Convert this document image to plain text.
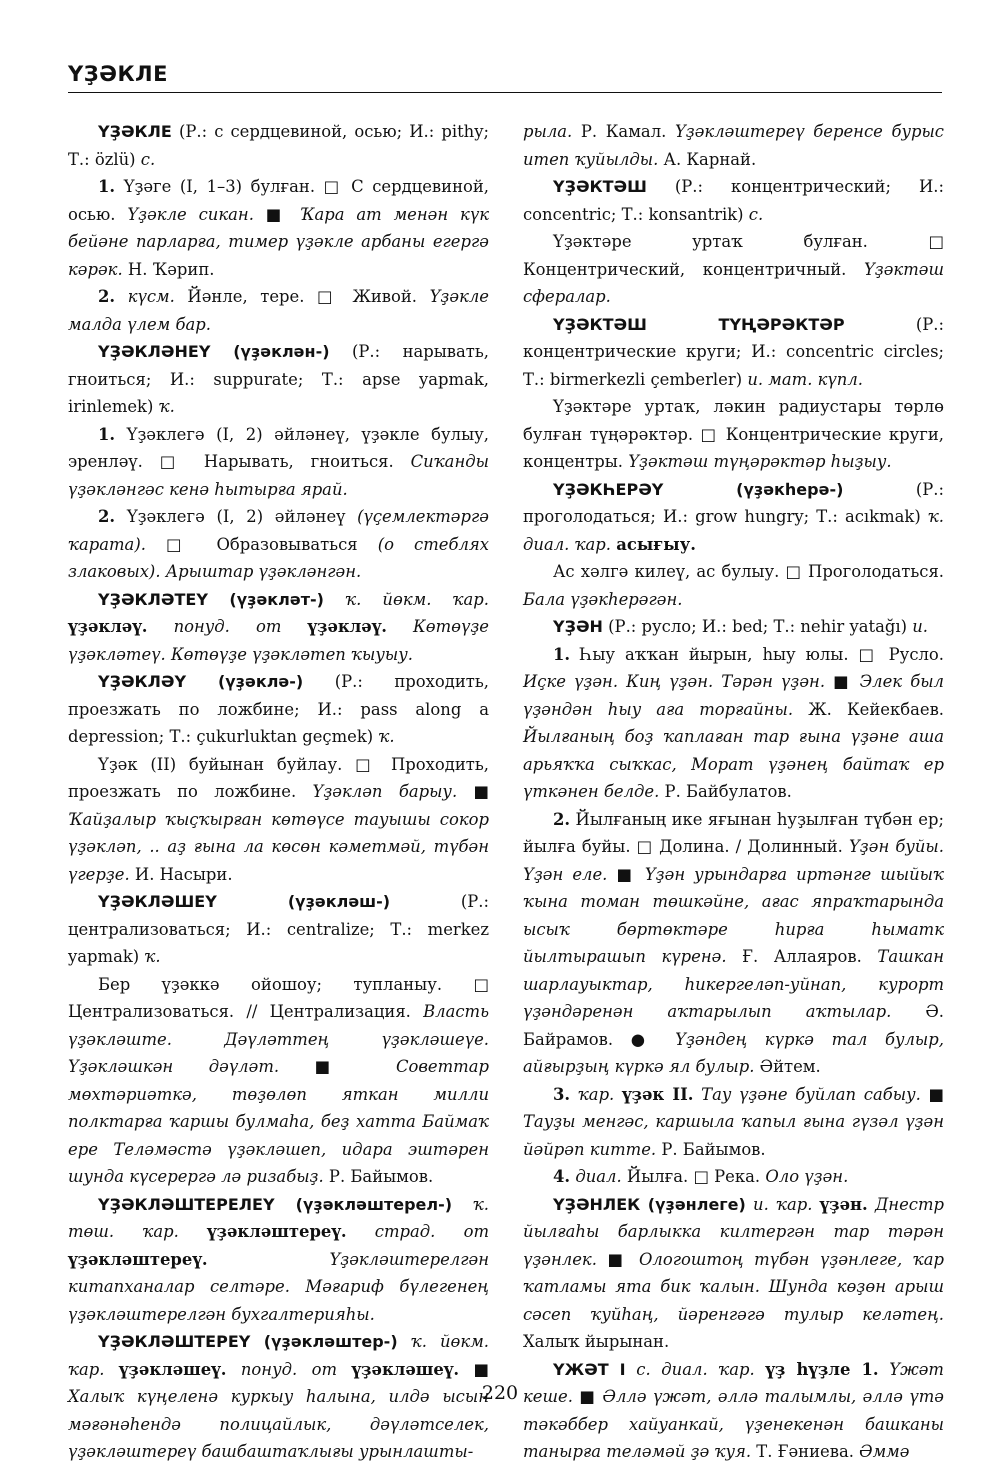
ҮҘӘКЛЕ

ҮҘӘКЛЕ (Р.: с сердцевиной, осью; И.: pithy; Т.: özlü) с.

1. Үҙәге (I, 1–3) булған. □ С сердцевиной, осью. Үҙәкле сикан. ■ Ҡара ат менән күк бейәне парларға, тимер үҙәкле арбаны егергә кәрәк. Н. Ҡәрип.

2. күсм. Йәнле, тере. □ Живой. Үҙәкле малда үлем бар.

ҮҘӘКЛӘНЕҮ (үҙәклән-) (Р.: нарывать, гноиться; И.: suppurate; Т.: apse yapmak, irinlemek) ҡ.

1. Үҙәклегә (I, 2) әйләнеү, үҙәкле булыу, эренләү. □ Нарывать, гноиться. Сиҡанды үҙәкләнгәс кенә һытырға ярай.

2. Үҙәклегә (I, 2) әйләнеү (үҫемлектәргә ҡарата). □ Образовываться (о стеблях злаковых). Арыштар үҙәкләнгән.

ҮҘӘКЛӘТЕҮ (үҙәклəт-) ҡ. йөкм. ҡар. үҙәкләү. понуд. от үҙәкләү. Көтөүҙе үҙәкләтеү. Көтөүҙе үҙәкләтеп ҡыуыу.

ҮҘӘКЛӘҮ (үҙәклә-) (Р.: проходить, проезжать по ложбине; И.: pass along a depression; Т.: çukurluktan geçmek) ҡ.

Үҙәк (II) буйынан буйлау. □ Проходить, проезжать по ложбине. Үҙәкләп барыу. ■ Ҡайҙалыр ҡыҫҡырған көтөүсе тауышы сокор үҙәкләп, .. аҙ ғына ла көсөн кәметмәй, түбән үгерҙе. И. Насыри.

ҮҘӘКЛӘШЕҮ (үҙәкләш-) (Р.: централизоваться; И.: centralize; Т.: merkez yapmak) ҡ.

Бер үҙәккә ойошоу; тупланыу. □ Централизоваться. // Централизация. Власть үҙәкләште. Дәүләттең үҙәкләшеүе. Үҙәкләшкән дәүләт. ■ Советтар мөхтәриәткә, төҙөлөп яткан милли полктарға ҡаршы булмаһа, беҙ хатта Баймаҡ ере Теләмәстә үҙәкләшеп, идара эштәрен шунда күсерергә лә ризабыҙ. Р. Байымов.

ҮҘӘКЛӘШТЕРЕЛЕҮ (үҙәкләштерел-) ҡ. төш. ҡар. үҙәкләштереү. страд. от үҙәкләштереү.	Үҙәкләштерелгән китапханалар селтәре. Мәғариф бүлегенең үҙәкләштерелгән бухгалтерияһы.

ҮҘӘКЛӘШТЕРЕҮ (үҙәкләштер-) ҡ. йөкм. ҡар. үҙәкләшеү. понуд. от үҙәкләшеү. ■ Халыҡ күңеленә куркыу һалына, илдә ысын мәғәнәһендә полицайлык, дәүләтселек, үҙәкләштереү башбаштаҡлығы урынлашты-

рыла. Р. Камал. Үҙәкләштереү беренсе бурыс итеп ҡуйылды. А. Карнай.

ҮҘӘКТӘШ (Р.: концентрический; И.: concentric; Т.: konsantrik) с.

Үҙәктәре уртаҡ булған. □ Концентрический, концентричный. Үҙәктәш сфералар.

ҮҘӘКТӘШ ТҮҢӘРӘКТӘР (Р.: концентрические круги; И.: concentric circles; Т.: birmerkezli çemberler) и. мат. күпл.

Үҙәктәре уртаҡ, ләкин радиустары төрлө булған түңәрәктәр. □ Концентрические круги, концентры. Үҙәктәш түңәрәктәр һыҙыу.

ҮҘӘКҺЕРӘҮ (үҙәкһерә-) (Р.: проголодаться; И.: grow hungry; Т.: acıkmak) ҡ. диал. ҡар. асығыу.

Ас хәлгә килеү, ас булыу. □ Проголодаться. Бала үҙәкһерәгән.

ҮҘӘН (Р.: русло; И.: bed; Т.: nehir yatağı) и.

1. Һыу аҡҡан йырын, һыу юлы. □ Русло. Иҫке үҙән. Киң үҙән. Тәрән үҙән. ■ Элек был үҙәндән һыу аға торғайны. Ж. Кейекбаев. Йылғаның боҙ ҡаплаған тар ғына үҙәне аша арьяҡҡа сыҡкас, Морат үҙәнең байтаҡ ер үткәнен белде. Р. Байбулатов.

2. Йылғаның ике яғынан һуҙылған түбән ер; йылға буйы. □ Долина. / Долинный. Үҙән буйы. Үҙән еле. ■ Үҙән урындарға иртәнге шыйыҡ ҡына томан төшкәйне, ағас япраҡтарында ысыҡ бөртөктәре һирға һыматк йылтырашып күренә. Ғ. Аллаяров. Ташкан шарлауыктар, һикергеләп-уйнап, курорт үҙәндәренән аҡтарылып аҡтылар. Ә. Байрамов. ● Үҙәндең күркә тал булыр, айғырҙың күркә ял булыр. Әйтем.

3. ҡар. үҙәк II. Тау үҙәне буйлап сабыу. ■ Тауҙы менгәс, каршыла ҡапыл ғына гүзәл үҙән йәйрәп китте. Р. Байымов.

4. диал. Йылға. □ Река. Оло үҙән.

ҮҘӘНЛЕК (үҙәнлеге) и. ҡар. үҙән. Днестр йылғаһы барлыкка килтергән тар тәрән үҙәнлек. ■ Ологоштоң түбән үҙәнлеге, ҡар ҡатламы ята бик ҡалын. Шунда көҙөн арыш сәсеп ҡуйһаң, йәренгәгә тулыр келәтең. Халыҡ йырынан.

ҮЖӘТ I с. диал. ҡар. үҙ һүҙле 1. Үжәт кеше. ■ Әллә үжәт, әллә талымлы, әллә үтә тәкәббер хайуанкай, үҙенекенән башканы танырға теләмәй ҙә ҡуя. Т. Ғәниева. Әммә

220
